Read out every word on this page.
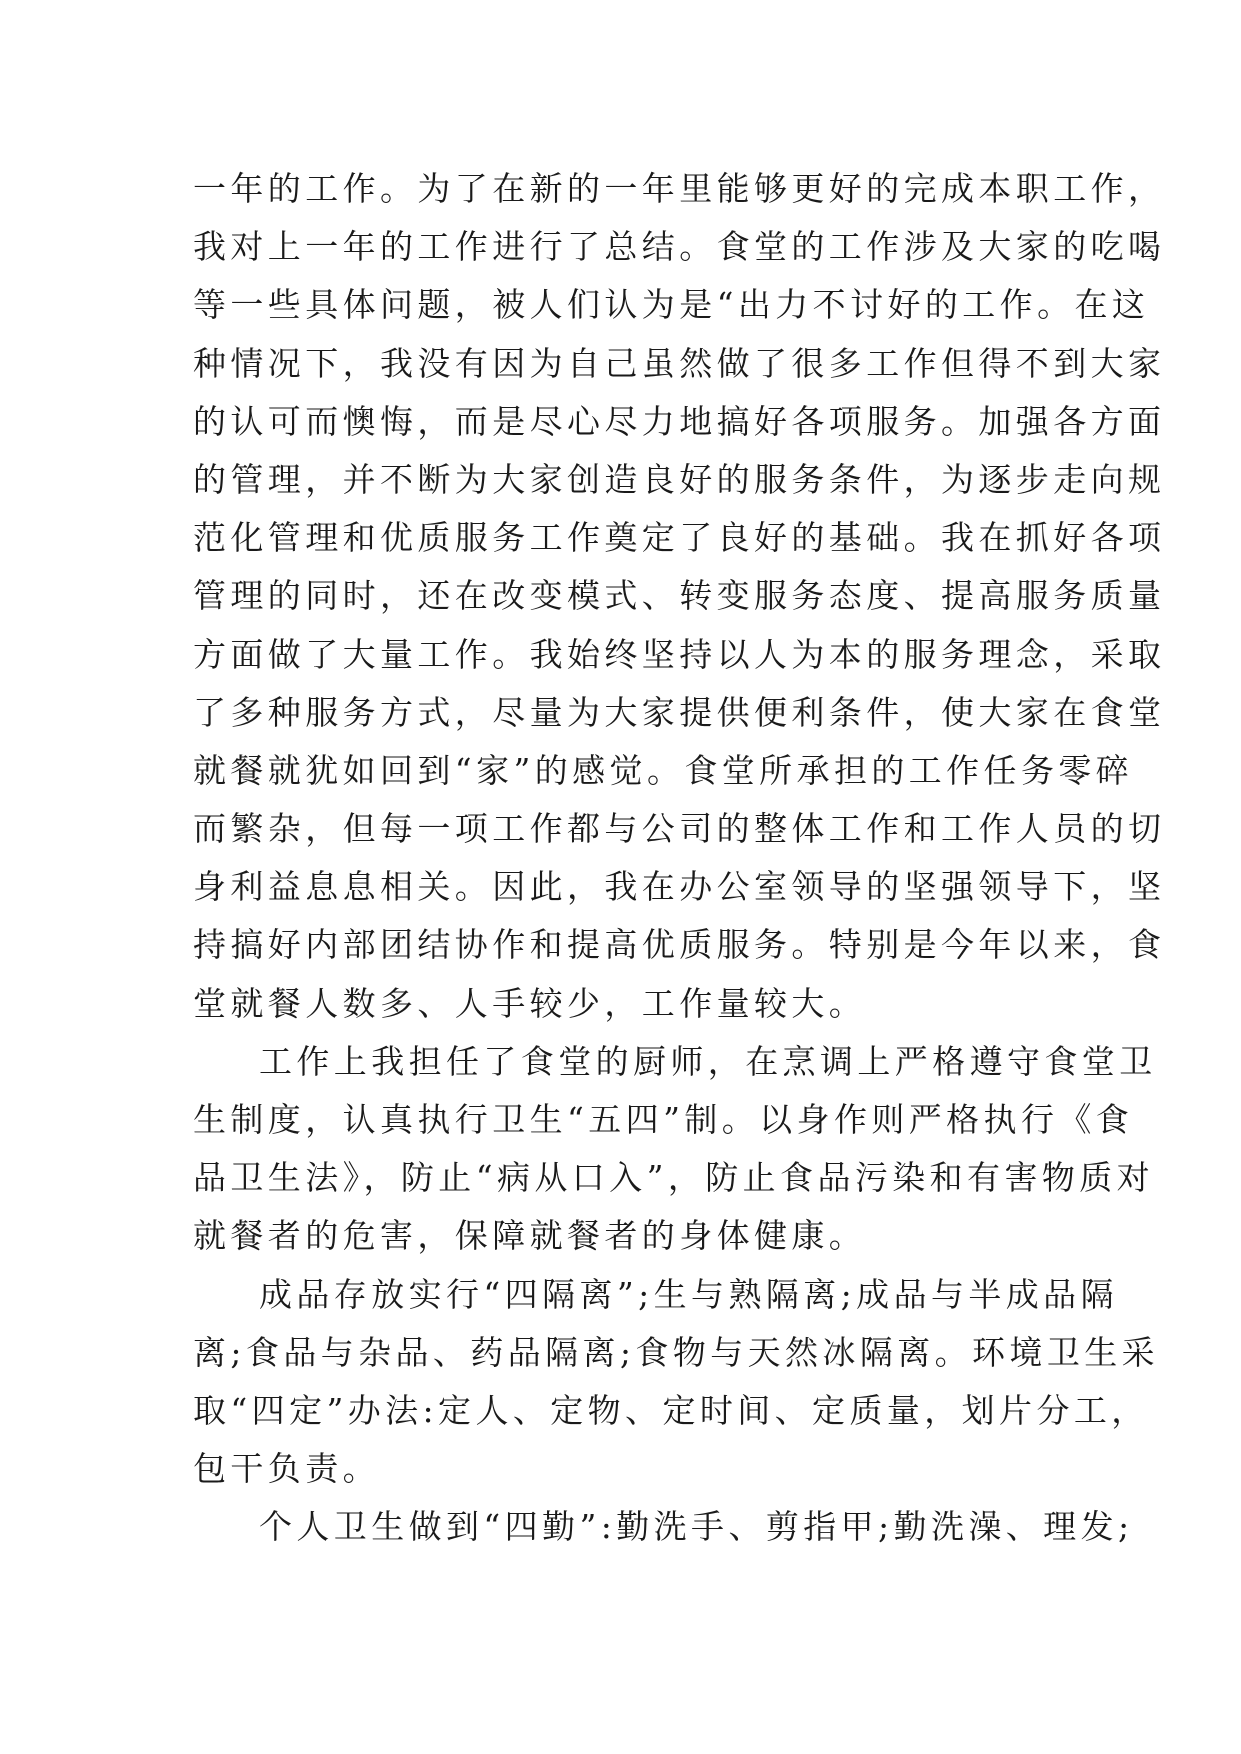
一年的工作。为了在新的一年里能够更好的完成本职工作，
我对上一年的工作进行了总结。食堂的工作涉及大家的吃喝
等一些具体问题，被人们认为是“出力不讨好的工作。在这
种情况下，我没有因为自己虽然做了很多工作但得不到大家
的认可而懊悔，而是尽心尽力地搞好各项服务。加强各方面
的管理，并不断为大家创造良好的服务条件，为逐步走向规
范化管理和优质服务工作奠定了良好的基础。我在抓好各项
管理的同时，还在改变模式、转变服务态度、提高服务质量
方面做了大量工作。我始终坚持以人为本的服务理念，采取
了多种服务方式，尽量为大家提供便利条件，使大家在食堂
就餐就犹如回到“家”的感觉。食堂所承担的工作任务零碎
而繁杂，但每一项工作都与公司的整体工作和工作人员的切
身利益息息相关。因此，我在办公室领导的坚强领导下，坚
持搞好内部团结协作和提高优质服务。特别是今年以来，食
堂就餐人数多、人手较少，工作量较大。
工作上我担任了食堂的厨师，在烹调上严格遵守食堂卫
生制度，认真执行卫生“五四”制。以身作则严格执行《食
品卫生法》，防止“病从口入”，防止食品污染和有害物质对
就餐者的危害，保障就餐者的身体健康。
成品存放实行“四隔离”;生与熟隔离;成品与半成品隔
离;食品与杂品、药品隔离;食物与天然冰隔离。环境卫生采
取“四定”办法:定人、定物、定时间、定质量，划片分工，
包干负责。
个人卫生做到“四勤”:勤洗手、剪指甲;勤洗澡、理发;
